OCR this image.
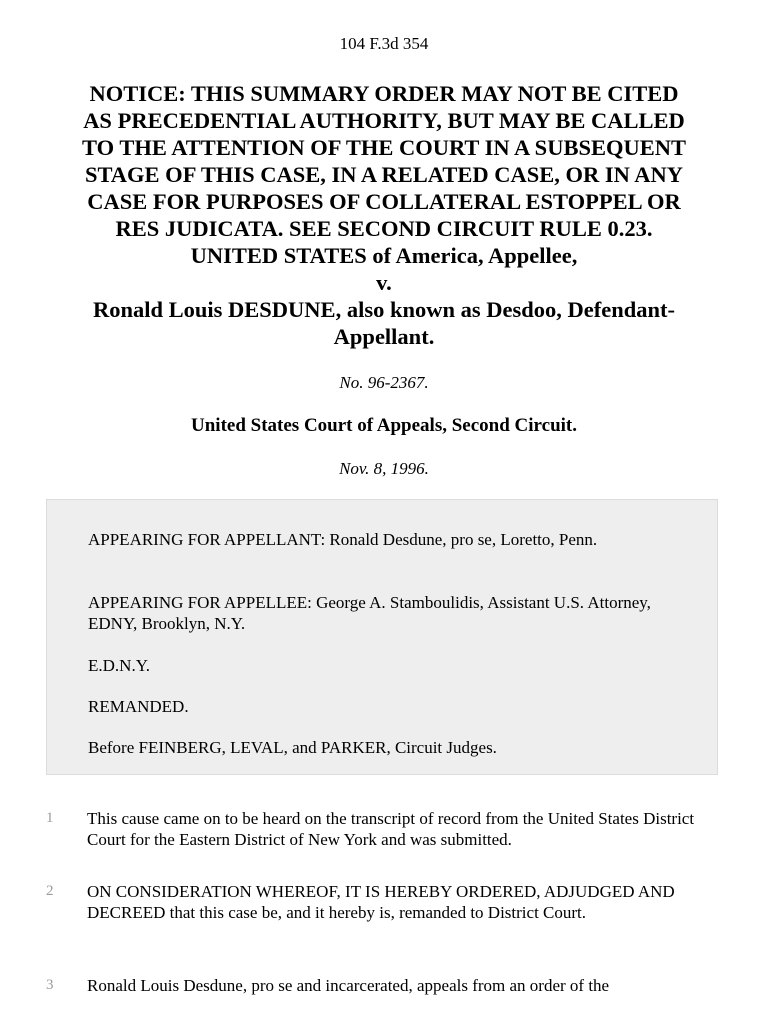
104 F.3d 354
NOTICE: THIS SUMMARY ORDER MAY NOT BE CITED
AS PRECEDENTIAL AUTHORITY, BUT MAY BE CALLED
TO THE ATTENTION OF THE COURT IN A SUBSEQUENT
STAGE OF THIS CASE, IN A RELATED CASE, OR IN ANY
CASE FOR PURPOSES OF COLLATERAL ESTOPPEL OR
RES JUDICATA. SEE SECOND CIRCUIT RULE 0.23.
UNITED STATES of America, Appellee,
v.
Ronald Louis DESDUNE, also known as Desdoo, Defendant-
Appellant.
No. 96-2367.
United States Court of Appeals, Second Circuit.
Nov. 8, 1996.

APPEARING FOR APPELLANT: Ronald Desdune, pro se, Loretto, Penn.

APPEARING FOR APPELLEE: George A. Stamboulidis, Assistant U.S. Attorney, EDNY, Brooklyn, N.Y.

E.D.N.Y.

REMANDED.

Before FEINBERG, LEVAL, and PARKER, Circuit Judges.

1 This cause came on to be heard on the transcript of record from the United States District Court for the Eastern District of New York and was submitted.
2 ON CONSIDERATION WHEREOF, IT IS HEREBY ORDERED, ADJUDGED AND DECREED that this case be, and it hereby is, remanded to District Court.
3 Ronald Louis Desdune, pro se and incarcerated, appeals from an order of the
